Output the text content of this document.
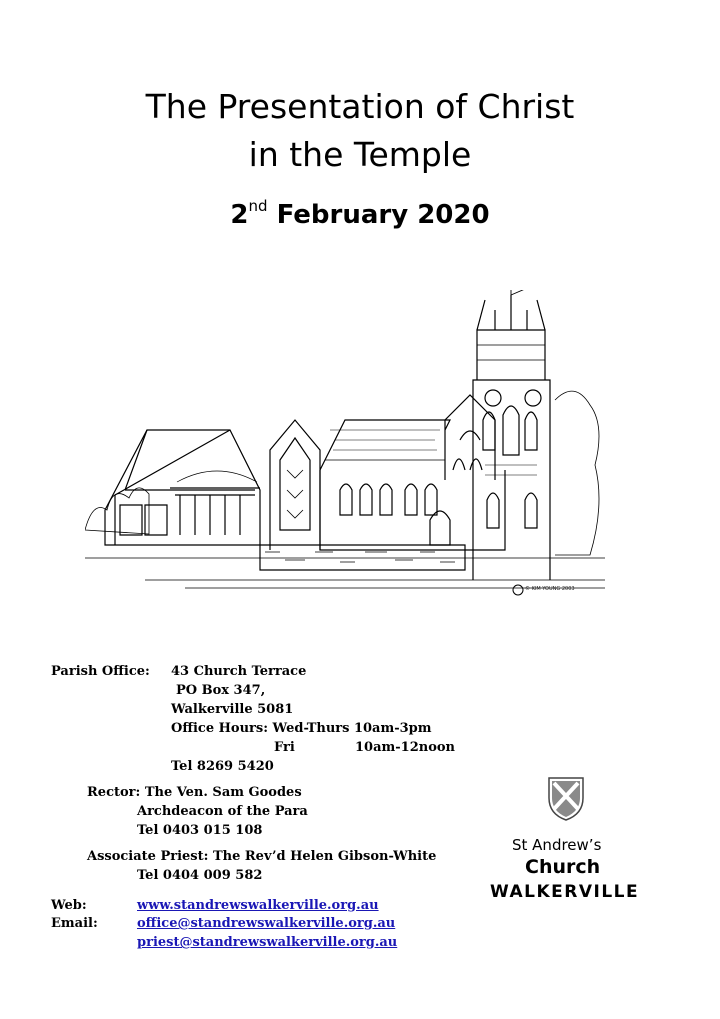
The Presentation of Christ
in the Temple
2nd February 2020
© KIM YOUNG 2003
Parish Office: 43 Church Terrace
PO Box 347,
Walkerville 5081
Office Hours: Wed-Thurs 10am-3pm
Fri	10am-12noon
Tel 8269 5420
Rector: The Ven. Sam Goodes
Archdeacon of the Para
Tel 0403 015 108
Associate Priest: The Rev’d Helen Gibson-White
Tel 0404 009 582
Web:	www.standrewswalkerville.org.au
Email:	office@standrewswalkerville.org.au
priest@standrewswalkerville.org.au
St Andrew’s
Church
WALKERVILLE
